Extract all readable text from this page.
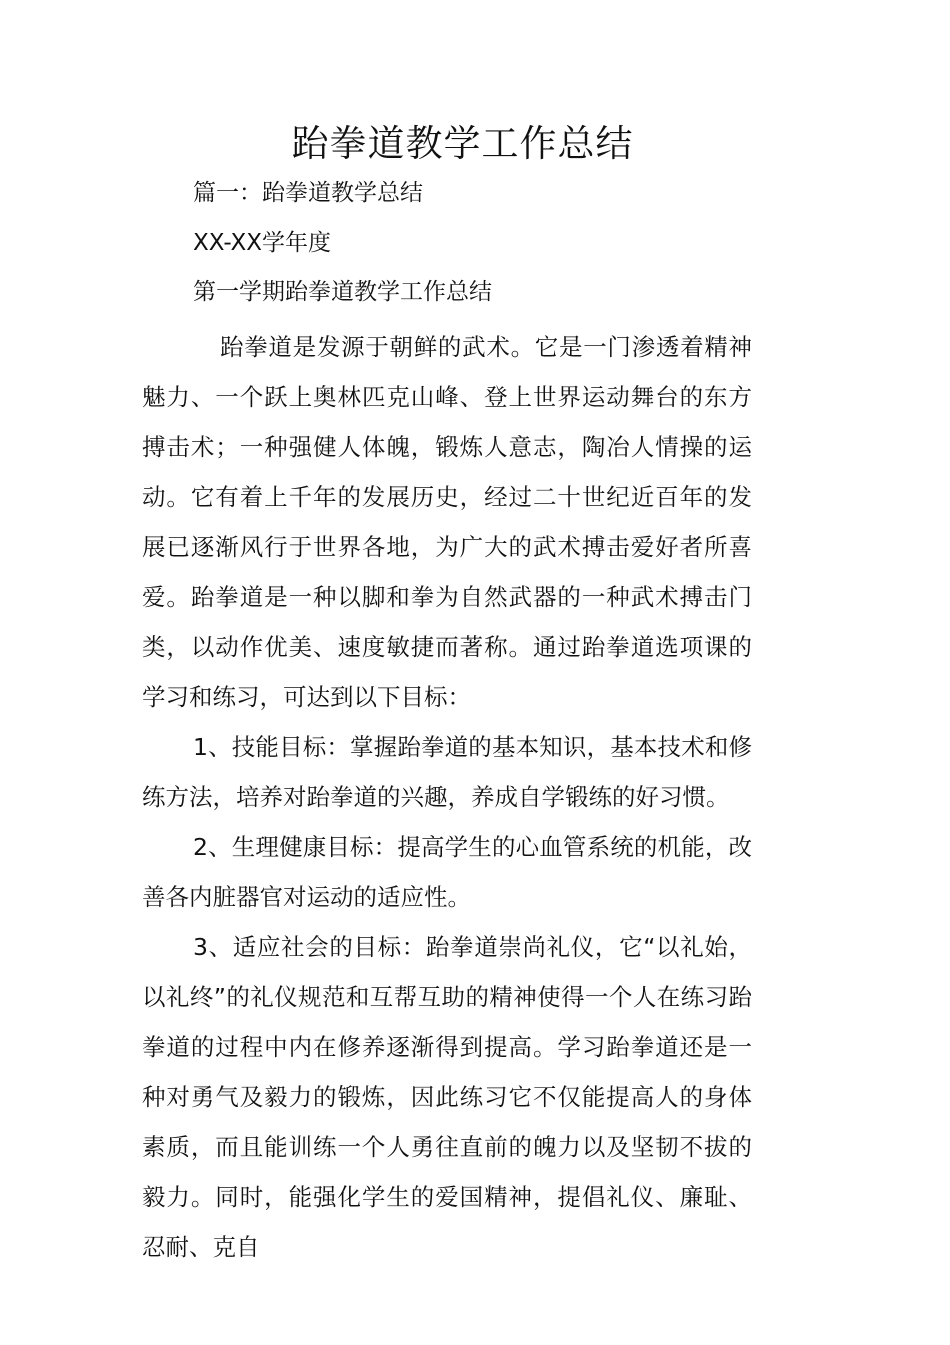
跆拳道教学工作总结
篇一：跆拳道教学总结
XX-XX学年度
第一学期跆拳道教学工作总结

跆拳道是发源于朝鲜的武术。它是一门渗透着精神魅力、一个跃上奥林匹克山峰、登上世界运动舞台的东方搏击术；一种强健人体魄，锻炼人意志，陶冶人情操的运动。它有着上千年的发展历史，经过二十世纪近百年的发展已逐渐风行于世界各地，为广大的武术搏击爱好者所喜爱。跆拳道是一种以脚和拳为自然武器的一种武术搏击门类，以动作优美、速度敏捷而著称。通过跆拳道选项课的学习和练习，可达到以下目标：

1、技能目标：掌握跆拳道的基本知识，基本技术和修练方法，培养对跆拳道的兴趣，养成自学锻练的好习惯。

2、生理健康目标：提高学生的心血管系统的机能，改善各内脏器官对运动的适应性。

3、适应社会的目标：跆拳道崇尚礼仪，它“以礼始，以礼终”的礼仪规范和互帮互助的精神使得一个人在练习跆拳道的过程中内在修养逐渐得到提高。学习跆拳道还是一种对勇气及毅力的锻炼，因此练习它不仅能提高人的身体素质，而且能训练一个人勇往直前的魄力以及坚韧不拔的毅力。同时，能强化学生的爱国精神，提倡礼仪、廉耻、忍耐、克自
